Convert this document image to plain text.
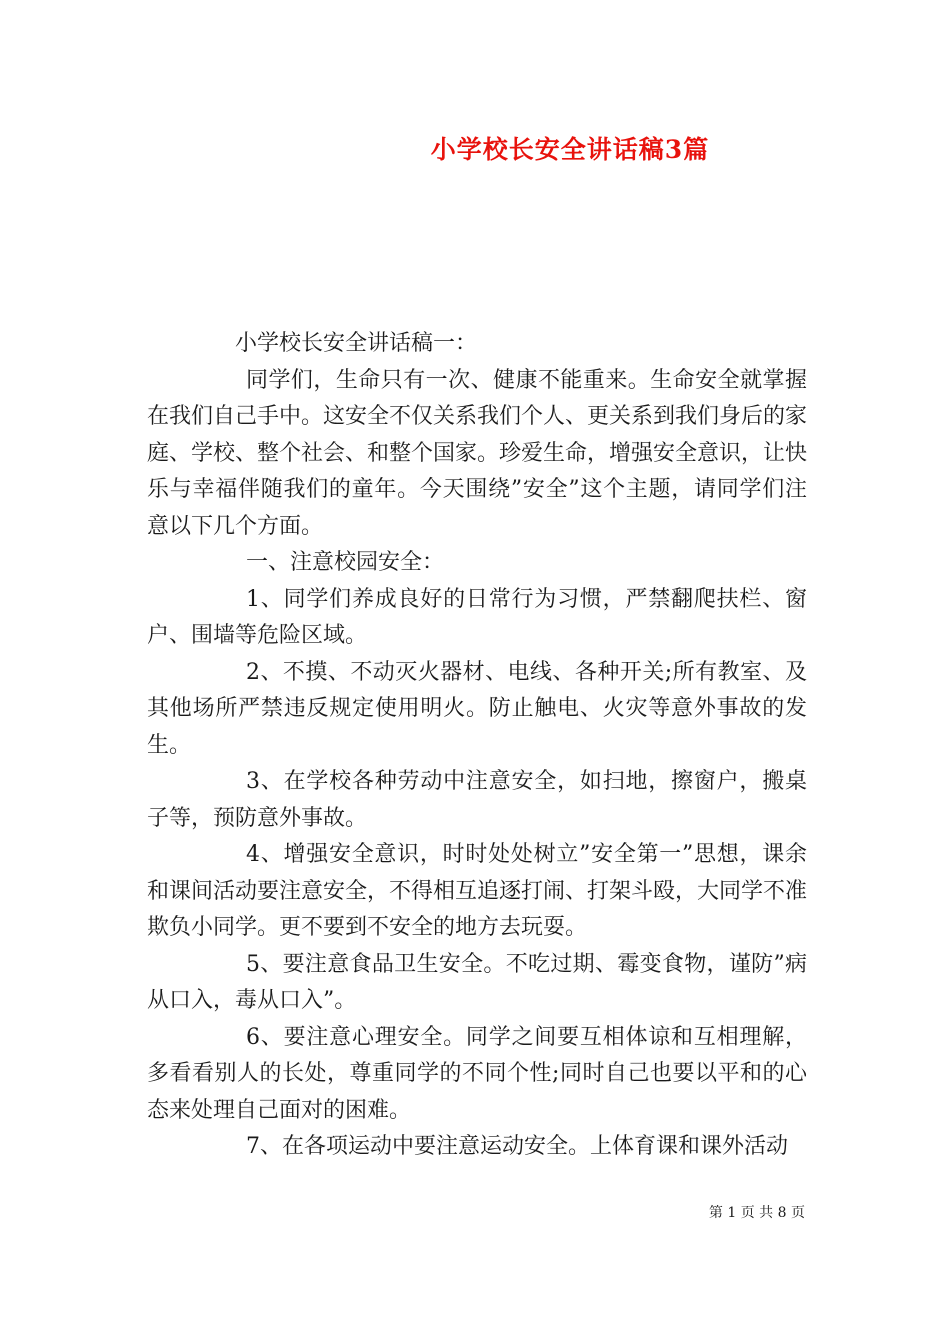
小学校长安全讲话稿3篇

小学校长安全讲话稿一：

同学们，生命只有一次、健康不能重来。生命安全就掌握在我们自己手中。这安全不仅关系我们个人、更关系到我们身后的家庭、学校、整个社会、和整个国家。珍爱生命，增强安全意识，让快乐与幸福伴随我们的童年。今天围绕”安全”这个主题，请同学们注意以下几个方面。

一、注意校园安全：

1、同学们养成良好的日常行为习惯，严禁翻爬扶栏、窗户、围墙等危险区域。

2、不摸、不动灭火器材、电线、各种开关;所有教室、及其他场所严禁违反规定使用明火。防止触电、火灾等意外事故的发生。

3、在学校各种劳动中注意安全，如扫地，擦窗户，搬桌子等，预防意外事故。

4、增强安全意识，时时处处树立”安全第一”思想，课余和课间活动要注意安全，不得相互追逐打闹、打架斗殴，大同学不准欺负小同学。更不要到不安全的地方去玩耍。

5、要注意食品卫生安全。不吃过期、霉变食物，谨防”病从口入，毒从口入”。

6、要注意心理安全。同学之间要互相体谅和互相理解，多看看别人的长处，尊重同学的不同个性;同时自己也要以平和的心态来处理自己面对的困难。

7、在各项运动中要注意运动安全。上体育课和课外活动

第 1 页 共 8 页
